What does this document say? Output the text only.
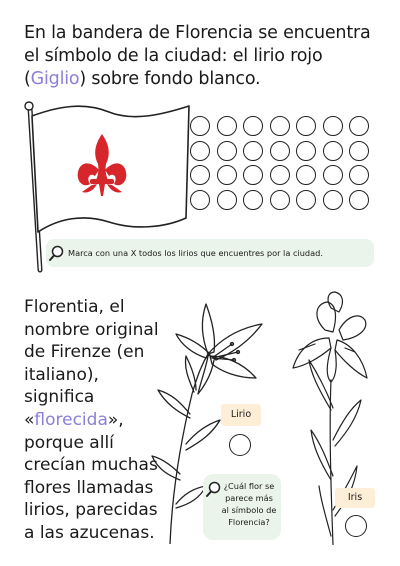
En la bandera de Florencia se encuentra el símbolo de la ciudad: el lirio rojo (Giglio) sobre fondo blanco.
Marca con una X todos los lirios que encuentres por la ciudad.
Florentia, el nombre original de Firenze (en italiano), significa «florecida», porque allí crecían muchas flores llamadas lirios, parecidas a las azucenas.
Lirio
¿Cuál flor se parece más al símbolo de Florencia?
Iris
